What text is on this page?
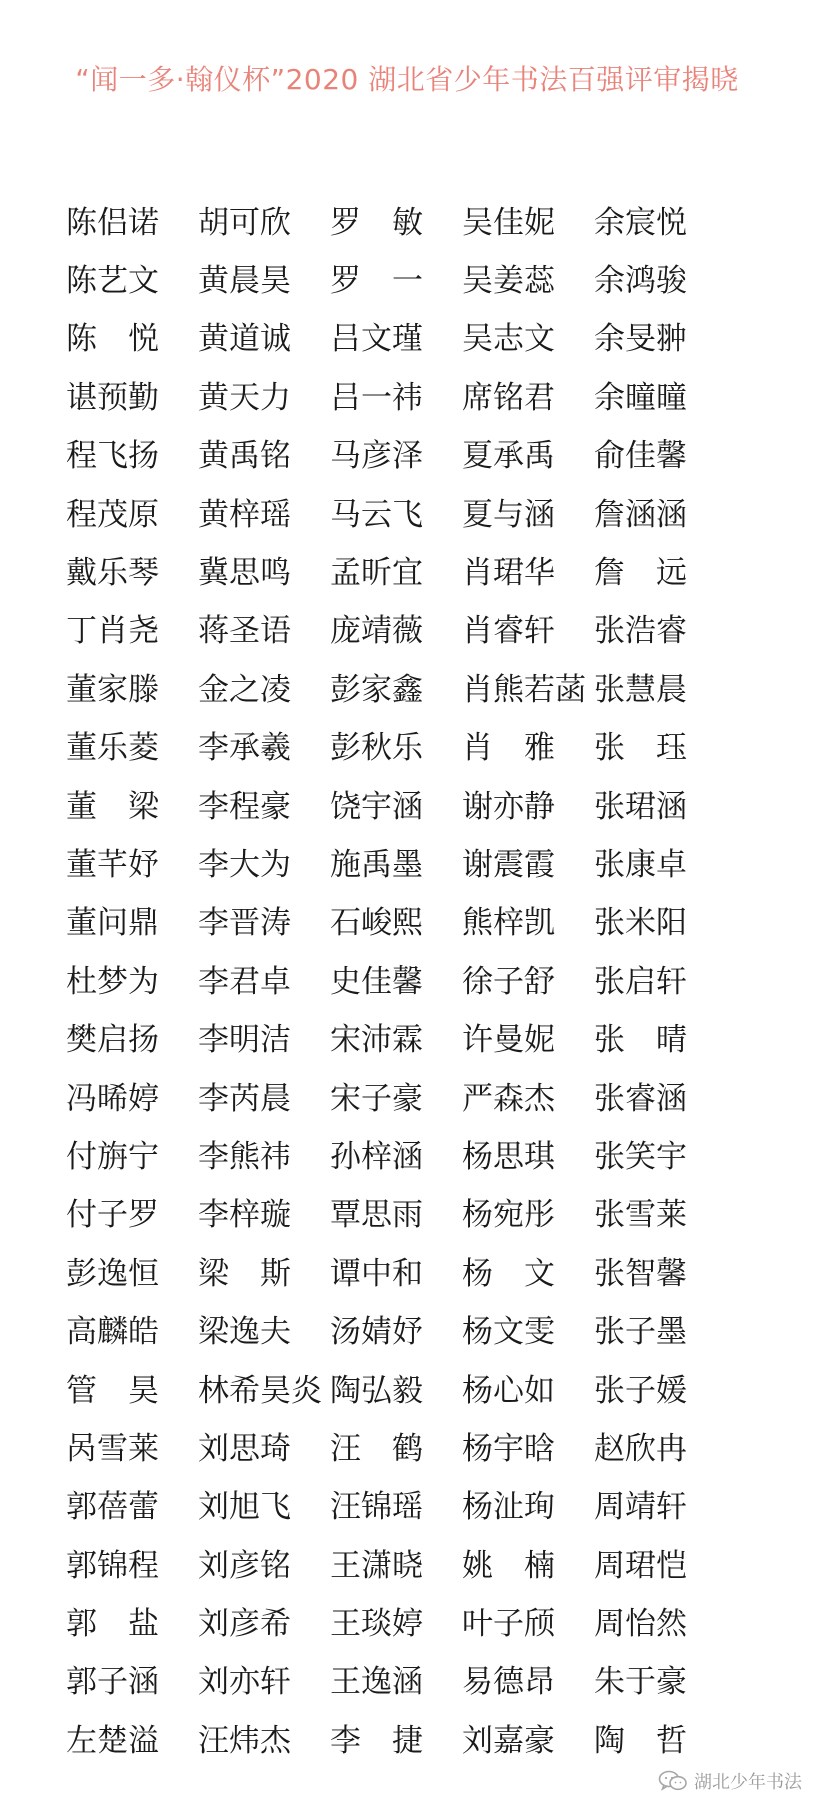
“闻一多·翰仪杯”2020 湖北省少年书法百强评审揭晓
陈侣诺	胡可欣	罗　敏	吴佳妮	余宸悦
陈艺文	黄晨昊	罗　一	吴姜蕊	余鸿骏
陈　悦	黄道诚	吕文瑾	吴志文	余旻翀
谌预勤	黄天力	吕一祎	席铭君	余曈曈
程飞扬	黄禹铭	马彦泽	夏承禹	俞佳馨
程茂原	黄梓瑶	马云飞	夏与涵	詹涵涵
戴乐琴	冀思鸣	孟昕宜	肖珺华	詹　远
丁肖尧	蒋圣语	庞靖薇	肖睿轩	张浩睿
董家滕	金之凌	彭家鑫	肖熊若菡 张慧晨
董乐菱	李承羲	彭秋乐	肖　雅	张　珏
董　梁	李程豪	饶宇涵	谢亦静	张珺涵
董芊妤	李大为	施禹墨	谢震霞	张康卓
董问鼎	李晋涛	石峻熙	熊梓凯	张米阳
杜梦为	李君卓	史佳馨	徐子舒	张启轩
樊启扬	李明洁	宋沛霖	许曼妮	张　晴
冯晞婷	李芮晨	宋子豪	严森杰	张睿涵
付旃宁	李熊祎	孙梓涵	杨思琪	张笑宇
付子罗	李梓璇	覃思雨	杨宛彤	张雪莱
彭逸恒	梁　斯	谭中和	杨　文	张智馨
高麟皓	梁逸夫	汤婧妤	杨文雯	张子墨
管　昊	林希昊炎 陶弘毅	杨心如	张子媛
呙雪莱	刘思琦	汪　鹤	杨宇晗	赵欣冉
郭蓓蕾	刘旭飞	汪锦瑶	杨沚珣	周靖轩
郭锦程	刘彦铭	王潇晓	姚　楠	周珺恺
郭　盐	刘彦希	王琰婷	叶子颀	周怡然
郭子涵	刘亦轩	王逸涵	易德昂	朱于豪
左楚溢	汪炜杰	李　捷	刘嘉豪	陶　哲
湖北少年书法
